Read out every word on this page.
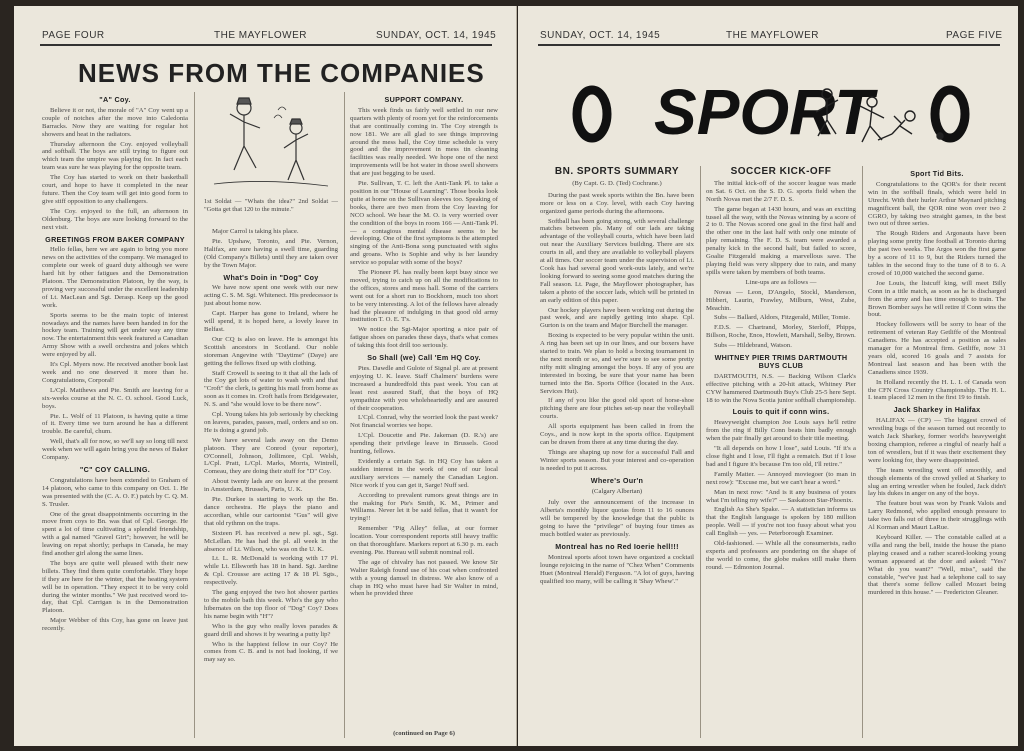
PAGE FOUR	THE MAYFLOWER	SUNDAY, OCT. 14, 1945
NEWS FROM THE COMPANIES
"A" Coy.

Believe it or not, the morale of "A" Coy went up a couple of notches after the move into Caledonia Barracks. Now they are waiting for regular hot showers and heat in the radiators.

Thursday afternoon the Coy. enjoyed volleyball and softball. The boys are still trying to figure out which team the umpire was playing for. In fact each team was sure he was playing for the opposite team.

The Coy has started to work on their basketball court, and hope to have it completed in the near future. Then the Coy team will get into good form to give stiff opposition to any challengers.

The Coy. enjoyed to the full, an afternoon in Oldenburg. The boys are sure looking forward to the next visit.

GREETINGS FROM BAKER COMPANY

Hello fellas, here we are again to bring you more news on the activities of the company. We managed to complete our week of guard duty although we were hard hit by other fatigues and the Demonstration Platoon. The Demonstration Platoon, by the way, is proving very successful under the excellent leadership of Lt. MacLean and Sgt. Derasp. Keep up the good work.

Sports seems to be the main topic of interest nowadays and the names have been handed in for the hockey team. Training will get under way any time now. The entertainment this week featured a Canadian Army Show with a swell orchestra and jokes which were enjoyed by all.

It's Cpl. Myers now. He received another book last week and no one deserved it more than he. Congratulations, Corporal!

L/Cpl. Matthews and Pte. Smith are leaving for a six-weeks course at the N. C. O. school. Good Luck, boys.

Pte. L. Wolf of 11 Platoon, is having quite a time of it. Every time we turn around he has a different trouble. Be careful, chum.

Well, that's all for now, so we'll say so long till next week when we will again bring you the news of Baker Company.

"C" COY CALLING.

Congratulations have been extended to Graham of 14 platoon, who came to this company on Oct. 1. He was presented with the (C. A. O. F.) patch by C. Q. M. S. Trusler.

One of the great disappointments occurring in the move from coys to Bn. was that of Cpl. George. He spent a lot of time cultivating a splendid friendship, with a gal named "Gravel Girt"; however, he will be leaving on repat shortly; perhaps in Canada, he may find another girl along the same lines.

The boys are quite well pleased with their new billets. They find them quite comfortable. They hope if they are here for the winter, that the heating system will be in operation. "They expect it to be very cold during the winter months." We just received word to-day, that Cpl. Carrigan is in the Demonstration Platoon.

Major Webber of this Coy, has gone on leave just recently.

1st Soldat — "Whats the idea?" 2nd Soldat — "Gotta get that 120 to the minute."

Major Carrol is taking his place.

Pte. Upshaw, Toronto, and Pte. Vernon, Halifax, are sure having a swell time, guarding (Old Company's Billets) until they are taken over by the Town Major.

What's Doin in "Dog" Coy

We have now spent one week with our new acting C. S. M. Sgt. Whitenect. His predecessor is just about home now.

Capt. Harper has gone to Ireland, where he will spend, it is hoped here, a lovely leave in Belfast.

Our CQ is also on leave. He is amongst his Scottish ancestors in Scotland. Our noble storeman Angevine with "Daytime" (Daye) are getting the fellows fixed up with clothing.

Staff Crowell is seeing to it that all the lads of the Coy get lots of water to wash with and that "Croft" the clerk, is getting his mail from home as soon as it comes in. Croft hails from Bridgewater, N. S. and "she would love to be there now".

Cpl. Young takes his job seriously by checking on leaves, parades, passes, mail, orders and so on. He is doing a grand job.

We have several lads away on the Demo platoon. They are Conrod (your reporter), O'Connell, Johnson, Jollimore, Cpl. Welsh, L/Cpl. Pratt, L/Cpl. Marks, Morris, Wintrell, Comeau, they are doing their stuff for "D" Coy.

About twenty lads are on leave at the present in Amsterdam, Brussels, Paris, U. K.

Pte. Durkee is starting to work up the Bn. dance orchestra. He plays the piano and accordian, while our cartoonist "Gus" will give that old rythmn on the traps.

Sixteen Pl. has received a new pl. sgt., Sgt. McLellan. He has had the pl. all week in the absence of Lt. Wilson, who was on the U. K.

Lt. L. R. McDonald is working with 17 Pl. while Lt. Ellsworth has 18 in hand. Sgt. Jardine & Cpl. Crousse are acting 17 & 18 Pl. Sgts., respectively.

The gang enjoyed the two hot shower parties to the mobile bath this week. Who's the guy who hibernates on the top floor of "Dog" Coy? Does his name begin with "H"?

Who is the guy who really loves parades & guard drill and shows it by wearing a putty lip?

Who is the happiest fellow in our Coy? He comes from C. B. and is not bad looking, if we may say so.

SUPPORT COMPANY.

This week finds us fairly well settled in our new quarters with plenty of room yet for the reinforcements that are continually coming in. The Coy strength is now 181. We are all glad to see things improving around the mess hall, the Coy time schedule is very good and the improvement in mess tin cleaning facilities was really needed. We hope one of the next improvements will be hot water in those swell showers that are just begging to be used.

Pte. Sullivan, T. C. left the Anti-Tank Pl. to take a position in our "House of Learning". Those books look quite at home on the Sullivan sleeves too. Speaking of books, there are two men from the Coy leaving for NCO school. We hear the M. O. is very worried over the condition of the boys in room 166 — Anti-Tank Pl. — a contagious mental disease seems to be developing. One of the first symptoms is the attempted singing of the Anti-Bona song punctuated with sighs and groans. Who is Sophie and why is her laundry service so popular with some of the boys?

The Pioneer Pl. has really been kept busy since we moved, trying to catch up on all the modifications to the offices, stores and mess hall. Some of the carriers went out for a short run to Bockhorn, much too short to be very interesting. A lot of the fellows have already had the pleasure of indulging in that good old army institution T. O. E. T's.

We notice the Sgt-Major sporting a nice pair of fatigue shoes on parades these days, that's what comes of taking this foot drill too seriously.

So Shall (we) Call 'Em HQ Coy.

Ptes. Dawdle and Gulote of Signal pl. are at present enjoying U. K. leave. Staff Chalmers' burdens were increased a hundredfold this past week. You can at least rest assured Staff, that the boys of HQ sympathize with you wholeheartedly and are assured of their cooperation.

L'Cpl. Conrad, why the worried look the past week? Not financial worries we hope.

L'Cpl. Doucette and Pte. Jakeman (D. R.'s) are spending their privilege leave in Brussels. Good hunting, fellows.

Evidently a certain Sgt. in HQ Coy has taken a sudden interest in the work of one of our local auxiliary services — namely the Canadian Legion. Nice work if you can get it, Sarge! Nuff sed.

According to prevalent rumors great things are in the making for Pte's Smith, K. M., Primer and Williams. Never let it be said fellas, that it wasn't for trying!!

Remember "Pig Alley" fellas, at our former location. Your correspondent reports still heavy traffic on that thoroughfare. Markers report at 6.30 p. m. each evening. Pte. Hureau will submit nominal roll.

The age of chivalry has not passed. We know Sir Walter Raleigh found use of his coat when confronted with a young damsel in distress. We also know of a chap in HQ who must have had Sir Walter in mind, when he provided three

(continued on Page 6)

SUNDAY, OCT. 14, 1945	THE MAYFLOWER	PAGE FIVE
SPORT
BN. SPORTS SUMMARY

(By Capt. G. D. (Ted) Cochrane.)

During the past week sports within the Bn. have been more or less on a Coy. level, with each Coy having organized game periods during the afternoons.

Softball has been going strong, with several challenge matches between pls. Many of our lads are taking advantage of the volleyball courts, which have been laid out near the Auxiliary Services building. There are six courts in all, and they are available to volleyball players at all times. Our soccer team under the supervision of Lt. Cook has had several good work-outs lately, and we're looking forward to seeing some good matches during the Fall season. Lt. Page, the Mayflower photographer, has taken a photo of the soccer lads, which will be printed in an early edition of this paper.

Our hockey players have been working out during the past week, and are rapidly getting into shape. Cpl. Gurton is on the team and Major Burchell the manager.

Boxing is expected to be very popular within the unit. A ring has been set up in our lines, and our boxers have started to train. We plan to hold a boxing tournament in the next month or so, and we're sure to see some pretty nifty mitt slinging amongst the boys. If any of you are interested in boxing, be sure that your name has been turned into the Bn. Sports Office (located in the Aux. Services Hut).

If any of you like the good old sport of horse-shoe pitching there are four pitches set-up near the volleyball courts.

All sports equipment has been called in from the Coys., and is now kept in the sports office. Equipment can be drawn from there at any time during the day.

Things are shaping up now for a successful Fall and Winter sports season. But your interest and co-operation is needed to put it across.

Where's Our'n

(Calgary Albertan)

July over the announcement of the increase in Alberta's monthly liquor quotas from 11 to 16 ounces will be tempered by the knowledge that the public is going to have the "privilege" of buying four times as much bottled water as previously.

Montreal has no Red Ioerie hell!!!

Montreal sports afoot town have organized a cocktail lounge rejoicing in the name of "Chez When" Comments Huet (Montreal Herald) Ferguson. "A lot of guys, having qualified too many, will be calling it 'Shay Whew'."

SOCCER KICK-OFF

The initial kick-off of the soccer league was made on Sat. 6 Oct. on the S. D. G. sports field when the North Novas met the 2/7 F. D. S.

The game began at 1430 hours, and was an exciting tussel all the way, with the Novas winning by a score of 2 to 0. The Novas scored one goal in the first half and the other one in the last half with only one minute of play remaining. The F. D. S. team were awarded a penalty kick in the second half, but failed to score, Goalie Fitzgerald making a marvellous save. The playing field was very slippery due to rain, and many spills were taken by members of both teams.

Line-ups are as follows —

Novas — Leon, D'Angelo, Stockl, Manderson, Hibbert, Laurin, Frawley, Milburn, West, Zube, Meachin.

Subs — Ballard, Aldors, Fitzgerald, Miller, Tomie.

F.D.S. — Chartrand, Morley, Sterloff, Phipps, Billson, Roche, Enos, Howlett, Marshall, Selby, Brown.

Subs — Hildebrand, Watson.

WHITNEY PIER TRIMS DARTMOUTH BUYS CLUB

DARTMOUTH, N.S. — Backing Wilson Clark's effective pitching with a 20-hit attack, Whitney Pier CYW hammered Dartmouth Buy's Club 25-5 here Sept. 18 to win the Nova Scotia junior softball championship.

Louis to quit if conn wins.

Heavyweight champion Joe Louis says he'll retire from the ring if Billy Conn beats him badly enough when the pair finally get around to their title meeting.

"It all depends on how I lose", said Louis. "If it's a close fight and I lose, I'll fight a rematch. But if I lose bad and I figure it's because I'm too old, I'll retire."

Family Matter. — Annoyed moviegoer (to man in next row): "Excuse me, but we can't hear a word."

Man in next row: "And is it any business of yours what I'm telling my wife?" — Saskatoon Star-Phoenix.

English As She's Spake. — A statistician informs us that the English language is spoken by 180 million people. Well — if you're not too fussy about what you call English — yes. — Peterborough Examiner.

Old-fashioned. — While all the consumerists, radio experts and professors are pondering on the shape of the world to come, the globe makes still make them round. — Edmonton Journal.

Sport Tid Bits.

Congratulations to the QOR's for their recent win in the softball finals, which were held in Utrecht. With their hurler Arthur Maynard pitching magnificent ball, the QOR nine won over two 2 CGRO, by taking two straight games, in the best two out of three series.

The Rough Riders and Argonauts have been playing some pretty fine football at Toronto during the past two weeks. The Argos won the first game by a score of 11 to 9, but the Riders turned the tables in the second fray to the tune of 8 to 6. A crowd of 10,000 watched the second game.

Joe Louis, the listcuff king, will meet Billy Conn in a title match, as soon as he is discharged from the army and has time enough to train. The Brown Bomber says he will retire if Conn wins the bout.

Hockey followers will be sorry to hear of the retirement of veteran Ray Getliffe of the Montreal Canadiens. He has accepted a position as sales manager for a Montreal firm. Getliffe, now 31 years old, scored 16 goals and 7 assists for Montreal last season and has been with the Canadiens since 1939.

In Holland recently the H. L. I. of Canada won the CFN Cross Country Championship. The H. L. I. team placed 12 men in the first 19 to finish.

Jack Sharkey in Halifax

HALIFAX — (CP) — The biggest crowd of wrestling bugs of the season turned out recently to watch Jack Sharkey, former world's heavyweight boxing champion, referee a ringful of nearly half a ton of wrestlers, but if it was their excitement they were looking for, they were disappointed.

The team wrestling went off smoothly, and though elements of the crowd yelled at Sharkey to slug an erring wrestler when he fouled, Jack didn't lay his dukes in anger on any of the boys.

The feature bout was won by Frank Valois and Larry Redmond, who applied enough pressure to take two falls out of three in their strugglings with Al Korman and Mauri LaRue.

Keyboard Killer. — The constable called at a villa and rang the bell, inside the house the piano playing ceased and a rather scared-looking young woman appeared at the door and asked: "Yes? What do you want?" "Well, miss", said the constable, "we've just had a telephone call to say that there's some fellow called Mozart being murdered in this house." — Fredericton Gleaner.
